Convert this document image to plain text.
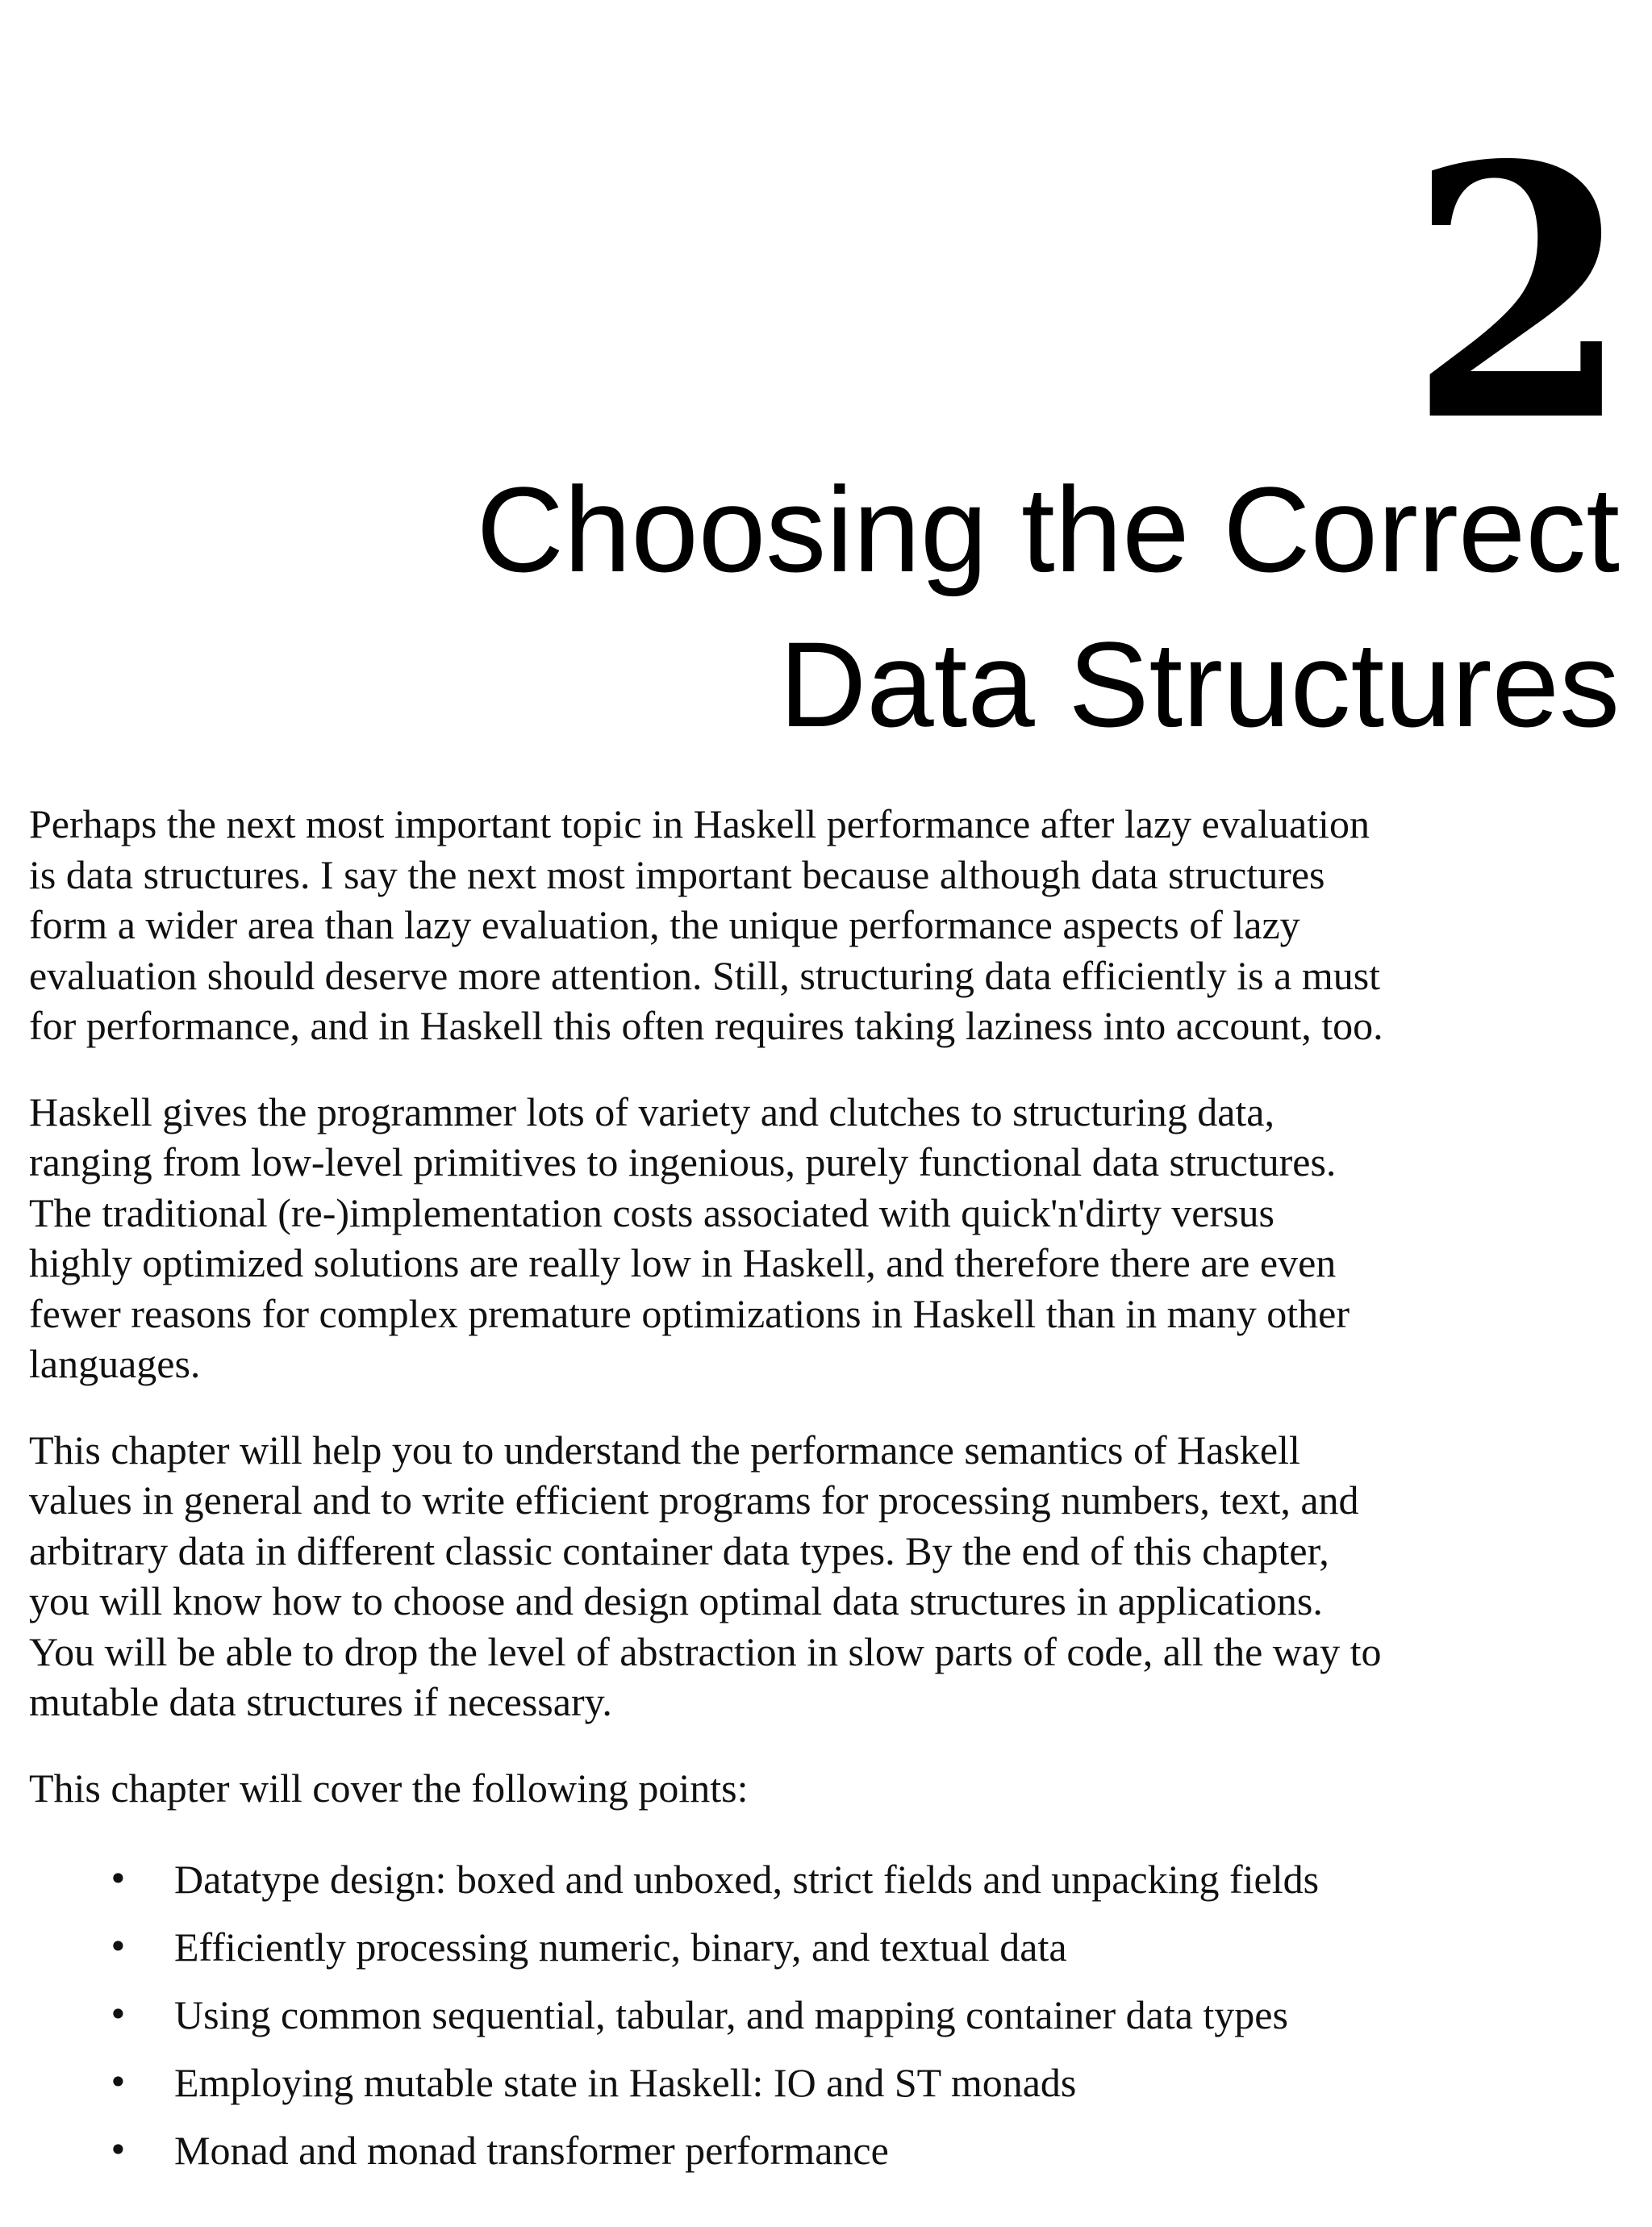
2
Choosing the Correct
Data Structures

Perhaps the next most important topic in Haskell performance after lazy evaluation
is data structures. I say the next most important because although data structures
form a wider area than lazy evaluation, the unique performance aspects of lazy
evaluation should deserve more attention. Still, structuring data efficiently is a must
for performance, and in Haskell this often requires taking laziness into account, too.

Haskell gives the programmer lots of variety and clutches to structuring data,
ranging from low-level primitives to ingenious, purely functional data structures.
The traditional (re-)implementation costs associated with quick'n'dirty versus
highly optimized solutions are really low in Haskell, and therefore there are even
fewer reasons for complex premature optimizations in Haskell than in many other
languages.

This chapter will help you to understand the performance semantics of Haskell
values in general and to write efficient programs for processing numbers, text, and
arbitrary data in different classic container data types. By the end of this chapter,
you will know how to choose and design optimal data structures in applications.
You will be able to drop the level of abstraction in slow parts of code, all the way to
mutable data structures if necessary.

This chapter will cover the following points:

• Datatype design: boxed and unboxed, strict fields and unpacking fields
• Efficiently processing numeric, binary, and textual data
• Using common sequential, tabular, and mapping container data types
• Employing mutable state in Haskell: IO and ST monads
• Monad and monad transformer performance
